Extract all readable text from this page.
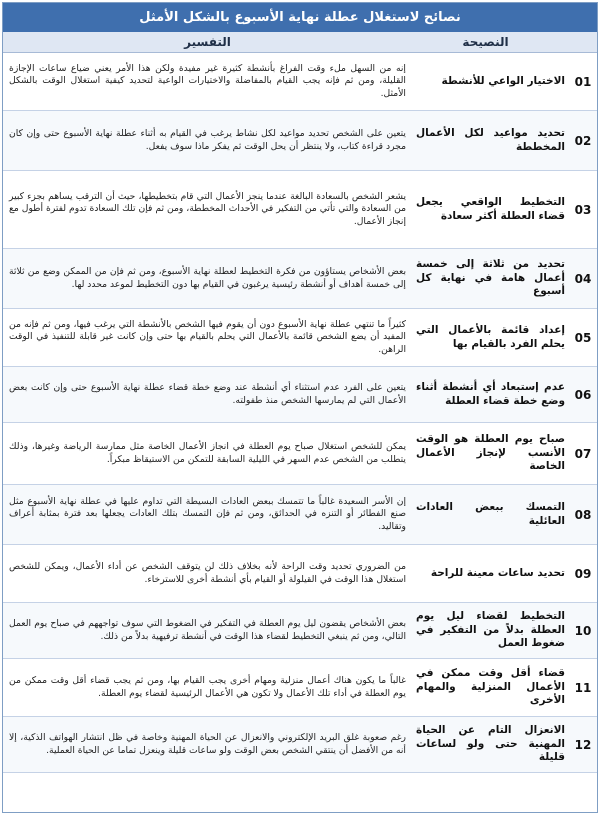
نصائح لاستغلال عطلة نهاية الأسبوع بالشكل الأمثل
النصيحة
التفسير
01
الاختيار الواعي للأنشطة
إنه من السهل ملء وقت الفراغ بأنشطة كثيرة غير مفيدة ولكن هذا الأمر يعني ضياع ساعات الإجازة القليلة، ومن ثم فإنه يجب القيام بالمفاضلة والاختيارات الواعية لتحديد كيفية استغلال الوقت بالشكل الأمثل.
02
تحديد مواعيد لكل الأعمال المخططة
يتعين على الشخص تحديد مواعيد لكل نشاط يرغب في القيام به أثناء عطلة نهاية الأسبوع حتى وإن كان مجرد قراءة كتاب، ولا ينتظر أن يحل الوقت ثم يفكر ماذا سوف يفعل.
03
التخطيط الواقعي يجعل قضاء العطلة أكثر سعادة
يشعر الشخص بالسعادة البالغة عندما ينجز الأعمال التي قام بتخطيطها، حيث أن الترقب يساهم بجزء كبير من السعادة والتي تأتي من التفكير في الأحداث المخططة، ومن ثم فإن تلك السعادة تدوم لفترة أطول مع إنجاز الأعمال.
04
تحديد من ثلاثة إلى خمسة أعمال هامة في نهاية كل أسبوع
بعض الأشخاص يستاؤون من فكرة التخطيط لعطلة نهاية الأسبوع، ومن ثم فإن من الممكن وضع من ثلاثة إلى خمسة أهداف أو أنشطة رئيسية يرغبون في القيام بها دون التخطيط لموعد محدد لها.
05
إعداد قائمة بالأعمال التي يحلم الفرد بالقيام بها
كثيراً ما تنتهي عطلة نهاية الأسبوع دون أن يقوم فيها الشخص بالأنشطة التي يرغب فيها، ومن ثم فإنه من المفيد أن يضع الشخص قائمة بالأعمال التي يحلم بالقيام بها حتى وإن كانت غير قابلة للتنفيذ في الوقت الراهن.
06
عدم إستبعاد أي أنشطة أثناء وضع خطة قضاء العطلة
يتعين على الفرد عدم استثناء أي أنشطة عند وضع خطة قضاء عطلة نهاية الأسبوع حتى وإن كانت بعض الأعمال التي لم يمارسها الشخص منذ طفولته.
07
صباح يوم العطلة هو الوقت الأنسب لإنجاز الأعمال الخاصة
يمكن للشخص استغلال صباح يوم العطلة في انجاز الأعمال الخاصة مثل ممارسة الرياضة وغيرها، وذلك يتطلب من الشخص عدم السهر في الليلية السابقة للتمكن من الاستيقاظ مبكراً.
08
التمسك ببعض العادات العائلية
إن الأسر السعيدة غالباً ما تتمسك ببعض العادات البسيطة التي تداوم عليها في عطلة نهاية الأسبوع مثل صنع الفطائر أو التنزه في الحدائق، ومن ثم فإن التمسك بتلك العادات يجعلها بعد فترة بمثابة أعراف وتقاليد.
09
تحديد ساعات معينة للراحة
من الضروري تحديد وقت الراحة لأنه بخلاف ذلك لن يتوقف الشخص عن أداء الأعمال، ويمكن للشخص استغلال هذا الوقت في القيلولة أو القيام بأي أنشطة أخرى للاسترخاء.
10
التخطيط لقضاء ليل يوم العطلة بدلاً من التفكير في ضغوط العمل
بعض الأشخاص يقضون ليل يوم العطلة في التفكير في الضغوط التي سوف تواجههم في صباح يوم العمل التالي، ومن ثم ينبغي التخطيط لقضاء هذا الوقت في أنشطة ترفيهية بدلاً من ذلك.
11
قضاء أقل وقت ممكن في الأعمال المنزلية والمهام الأخرى
غالباً ما يكون هناك أعمال منزلية ومهام أخرى يجب القيام بها، ومن ثم يجب قضاء أقل وقت ممكن من يوم العطلة في أداء تلك الأعمال ولا تكون هي الأعمال الرئيسية لقضاء يوم العطلة.
12
الانعزال التام عن الحياة المهنية حتى ولو لساعات قليلة
رغم صعوبة غلق البريد الإلكتروني والانعزال عن الحياة المهنية وخاصة في ظل انتشار الهواتف الذكية، إلا أنه من الأفضل أن ينتقي الشخص بعض الوقت ولو ساعات قليلة وينعزل تماما عن الحياة العملية.
